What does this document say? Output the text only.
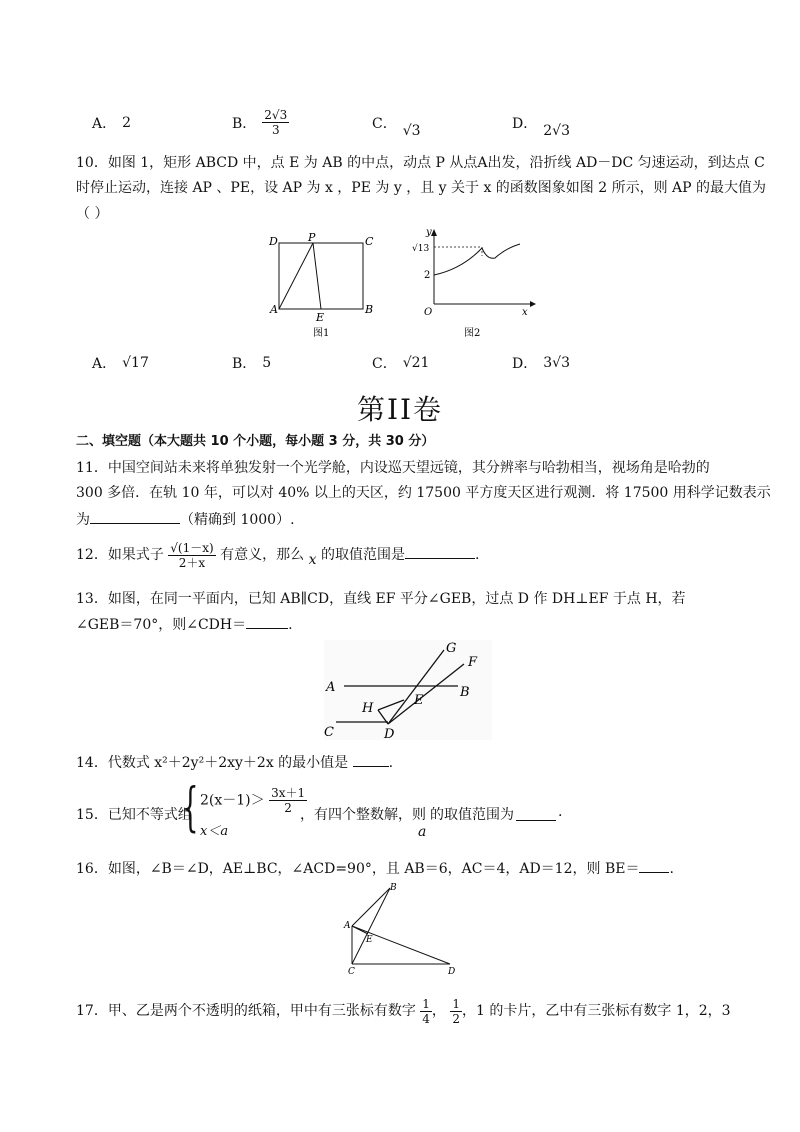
A． 2	B． $\frac{2√3}{3}$	C． √3	D． 2√3
10．如图 1，矩形 ABCD 中，点 E 为 AB 的中点，动点 P 从点A出发，沿折线 AD－DC 匀速运动，到达点 C
时停止运动，连接 AP 、PE，设 AP 为 x ，PE 为 y ，且 y 关于 x 的函数图象如图 2 所示，则 AP 的最大值为
（ ）
D	P	C
A
E
B
图1
y
√13
2
O	x
图2
A． √17	B． 5	C． √21	D． 3√3
第II卷
二、填空题（本大题共 10 个小题，每小题 3 分，共 30 分）
11．中国空间站未来将单独发射一个光学舱，内设巡天望远镜，其分辨率与哈勃相当，视场角是哈勃的
300 多倍．在轨 10 年，可以对 40% 以上的天区，约 17500 平方度天区进行观测．将 17500 用科学记数表示
为	（精确到 1000）.
12．如果式子 $\frac{√(1-x)}{2+x}$ 有意义，那么 x 的取值范围是	.
13．如图，在同一平面内，已知 AB∥CD，直线 EF 平分∠GEB，过点 D 作 DH⊥EF 于点 H，若
∠GEB＝70°，则∠CDH＝	.
G
F
A
E
B
H
C	D
14．代数式 x²＋2y²＋2xy＋2x 的最小值是	.
15．已知不等式组
{ $2(x-1)> \frac{3x+1}{2}$
x＜a
，有四个整数解，则
a
的取值范围为	.
16．如图，∠B＝∠D，AE⊥BC，∠ACD=90°，且 AB＝6，AC＝4，AD＝12，则 BE＝ .
B
A
E
C	D
17．甲、乙是两个不透明的纸箱，甲中有三张标有数字 $\frac{1}{4}$ ， $\frac{1}{2}$ ，1 的卡片，乙中有三张标有数字 1，2，3
